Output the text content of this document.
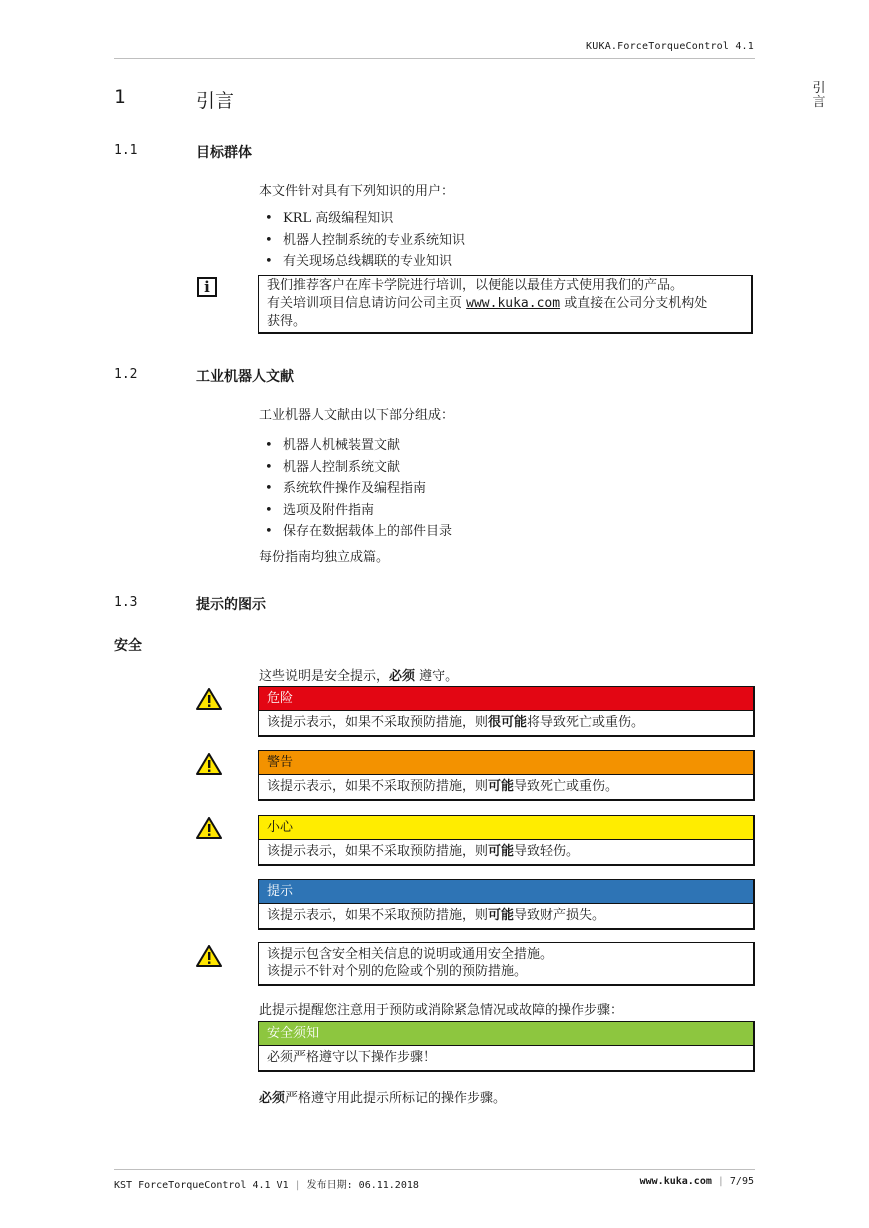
KUKA.ForceTorqueControl 4.1
引言
1	引言
1.1	目标群体
本文件针对具有下列知识的用户：
• KRL 高级编程知识
• 机器人控制系统的专业系统知识
• 有关现场总线耦联的专业知识
i	我们推荐客户在库卡学院进行培训，以便能以最佳方式使用我们的产品。
有关培训项目信息请访问公司主页 www.kuka.com 或直接在公司分支机构处
获得。
1.2	工业机器人文献
工业机器人文献由以下部分组成：
• 机器人机械装置文献
• 机器人控制系统文献
• 系统软件操作及编程指南
• 选项及附件指南
• 保存在数据载体上的部件目录
每份指南均独立成篇。
1.3	提示的图示
安全
这些说明是安全提示，必须 遵守。
危险
该提示表示，如果不采取预防措施，则很可能将导致死亡或重伤。
警告
该提示表示，如果不采取预防措施，则可能导致死亡或重伤。
小心
该提示表示，如果不采取预防措施，则可能导致轻伤。
提示
该提示表示，如果不采取预防措施，则可能导致财产损失。
该提示包含安全相关信息的说明或通用安全措施。
该提示不针对个别的危险或个别的预防措施。
此提示提醒您注意用于预防或消除紧急情况或故障的操作步骤：
安全须知
必须严格遵守以下操作步骤！
必须严格遵守用此提示所标记的操作步骤。
KST ForceTorqueControl 4.1 V1 | 发布日期: 06.11.2018	www.kuka.com | 7/95
